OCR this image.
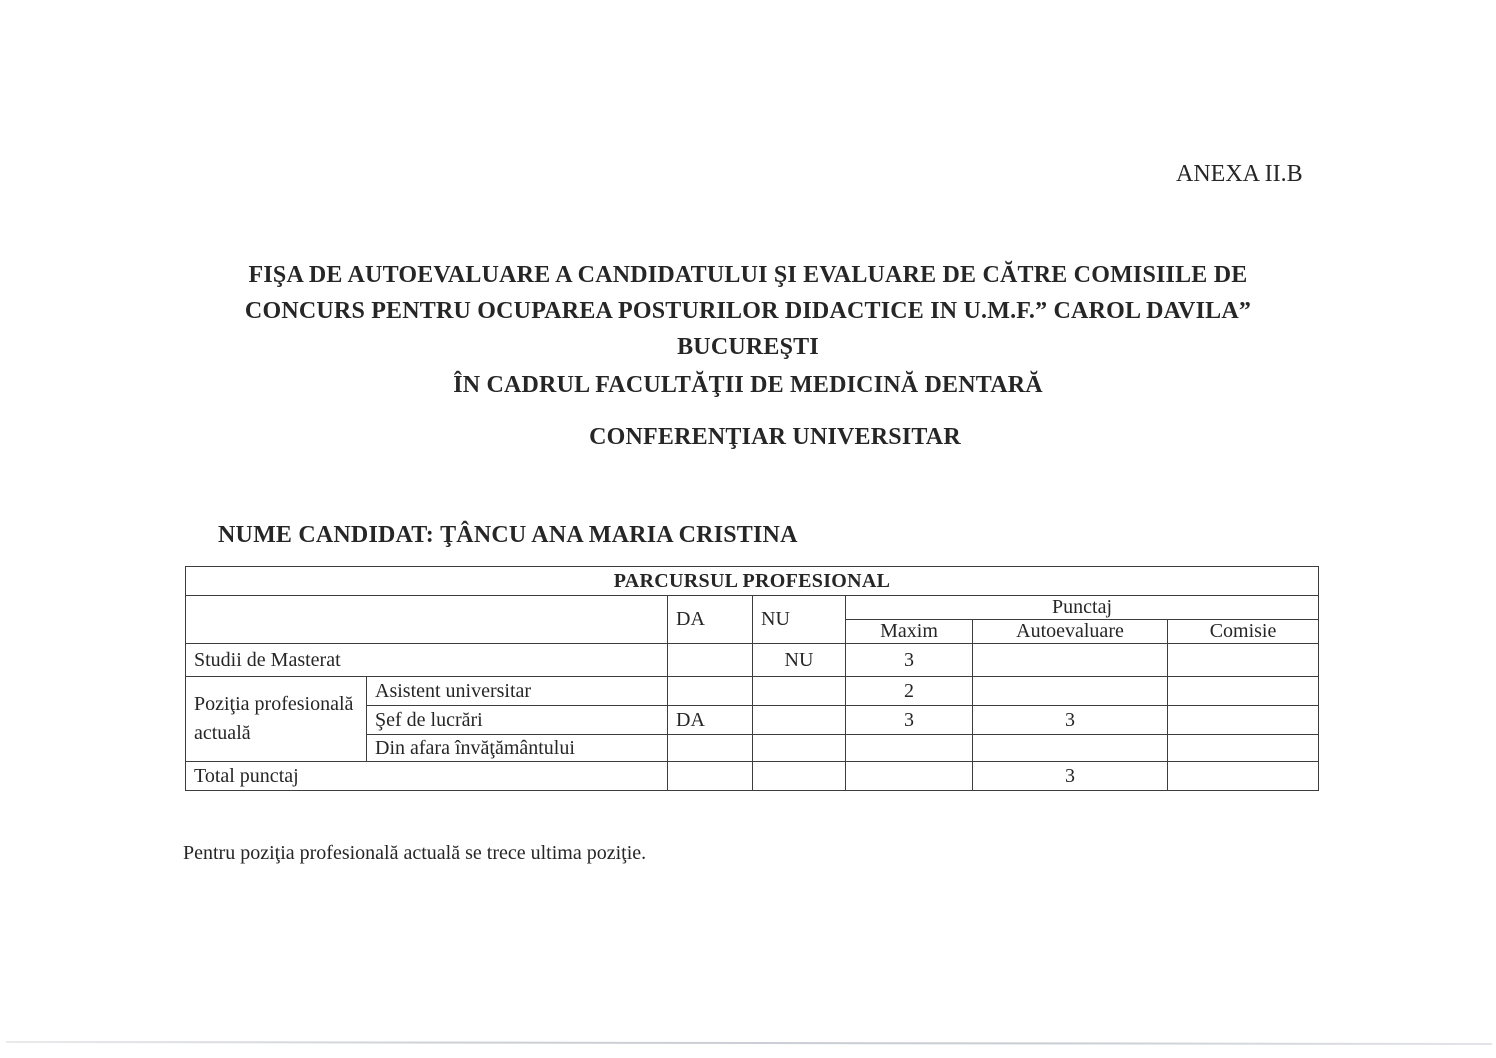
ANEXA II.B
FIŞA DE AUTOEVALUARE A CANDIDATULUI ŞI EVALUARE DE CĂTRE COMISIILE DE
CONCURS PENTRU OCUPAREA POSTURILOR DIDACTICE IN U.M.F.” CAROL DAVILA”
BUCUREŞTI
ÎN CADRUL FACULTĂŢII DE MEDICINĂ DENTARĂ
CONFERENŢIAR UNIVERSITAR
NUME CANDIDAT: ŢÂNCU ANA MARIA CRISTINA
PARCURSUL PROFESIONAL						
		DA	NU	Punctaj		
				Maxim	Autoevaluare	Comisie
Studii de Masterat			NU	3		
Poziţia profesională actuală	Asistent universitar			2		
	Şef de lucrări	DA		3	3	
	Din afara învăţământului					
Total punctaj					3	
Pentru poziţia profesională actuală se trece ultima poziţie.
